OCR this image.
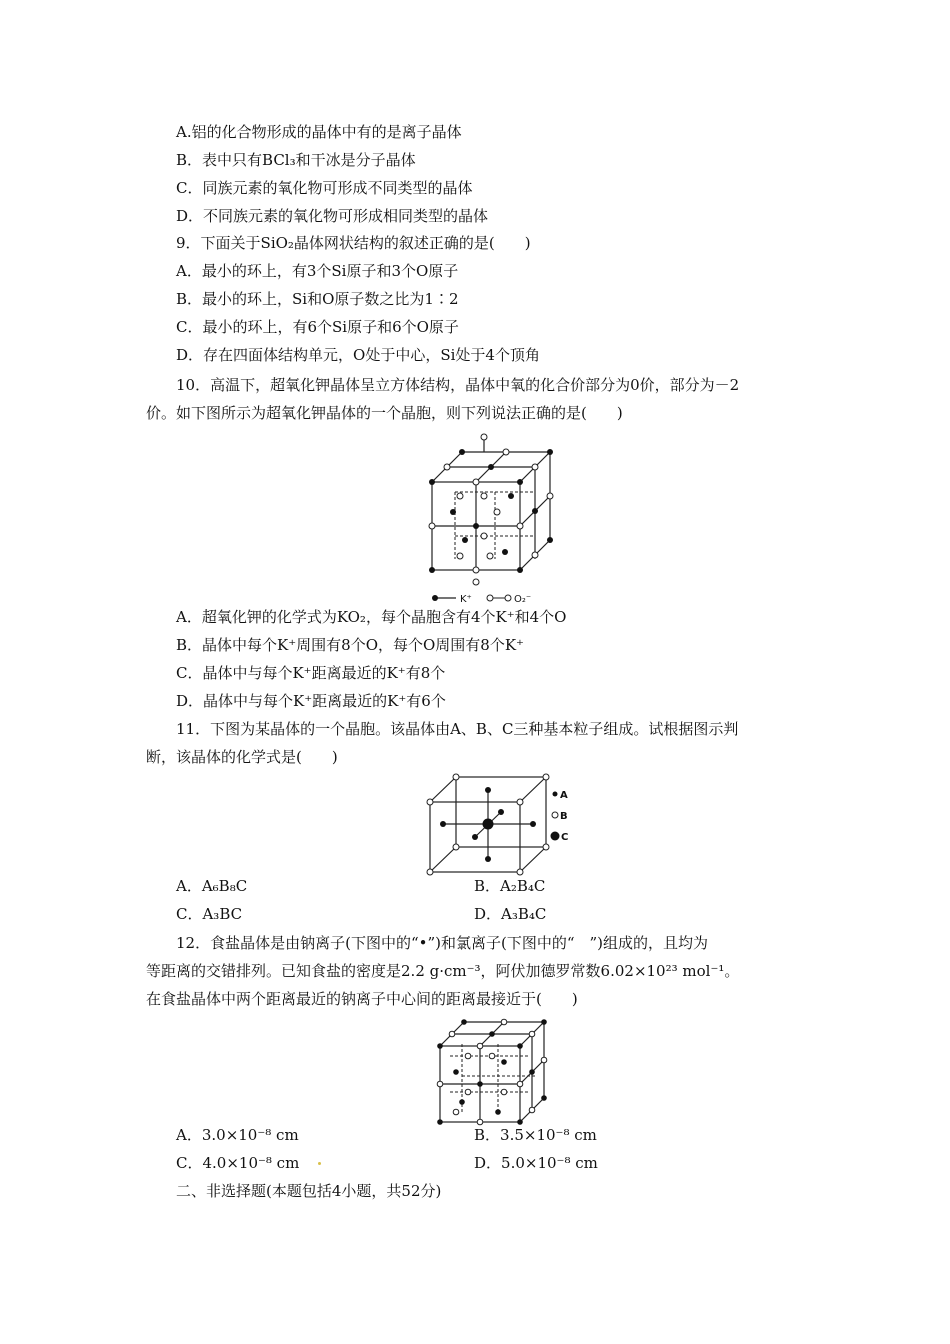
A.铝的化合物形成的晶体中有的是离子晶体
B．表中只有BCl₃和干冰是分子晶体
C．同族元素的氧化物可形成不同类型的晶体
D．不同族元素的氧化物可形成相同类型的晶体
9．下面关于SiO₂晶体网状结构的叙述正确的是(　　)
A．最小的环上，有3个Si原子和3个O原子
B．最小的环上，Si和O原子数之比为1∶2
C．最小的环上，有6个Si原子和6个O原子
D．存在四面体结构单元，O处于中心，Si处于4个顶角
10．高温下，超氧化钾晶体呈立方体结构，晶体中氧的化合价部分为0价，部分为－2
价。如下图所示为超氧化钾晶体的一个晶胞，则下列说法正确的是(　　)
K⁺	O₂⁻
A．超氧化钾的化学式为KO₂，每个晶胞含有4个K⁺和4个O
B．晶体中每个K⁺周围有8个O，每个O周围有8个K⁺
C．晶体中与每个K⁺距离最近的K⁺有8个
D．晶体中与每个K⁺距离最近的K⁺有6个
11．下图为某晶体的一个晶胞。该晶体由A、B、C三种基本粒子组成。试根据图示判
断，该晶体的化学式是(　　)
A
B
C
A．A₆B₈C	B．A₂B₄C
C．A₃BC	D．A₃B₄C
12．食盐晶体是由钠离子(下图中的“•”)和氯离子(下图中的“　”)组成的，且均为
等距离的交错排列。已知食盐的密度是2.2 g·cm⁻³，阿伏加德罗常数6.02×10²³ mol⁻¹。
在食盐晶体中两个距离最近的钠离子中心间的距离最接近于(　　)
A．3.0×10⁻⁸ cm	B．3.5×10⁻⁸ cm
C．4.0×10⁻⁸ cm	D．5.0×10⁻⁸ cm
二、非选择题(本题包括4小题，共52分)
